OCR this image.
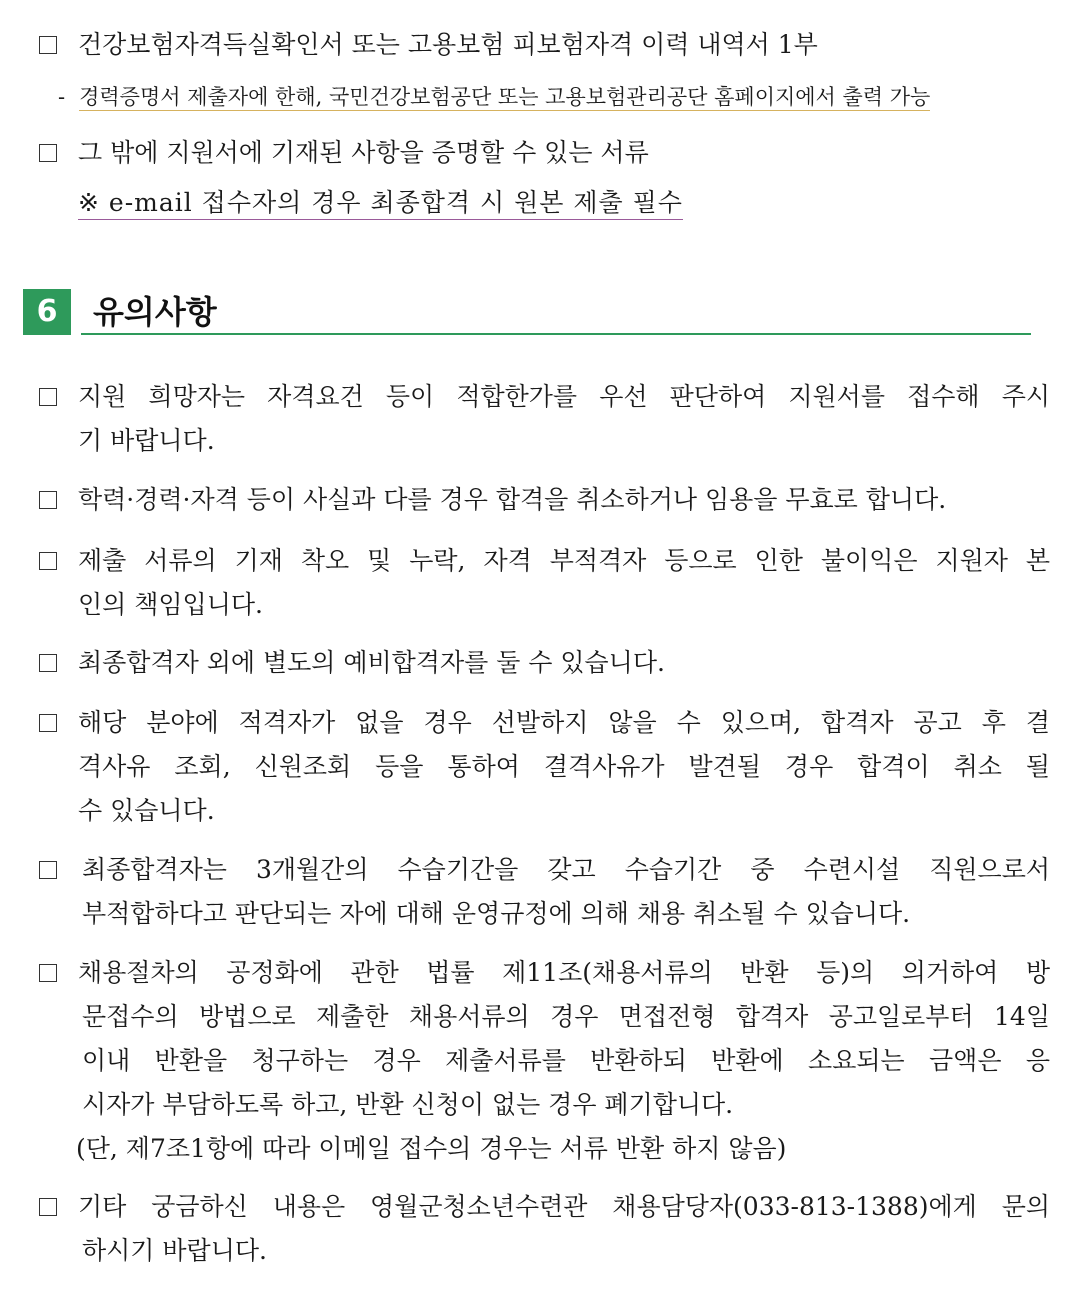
건강보험자격득실확인서 또는 고용보험 피보험자격 이력 내역서 1부
- 경력증명서 제출자에 한해, 국민건강보험공단 또는 고용보험관리공단 홈페이지에서 출력 가능
그 밖에 지원서에 기재된 사항을 증명할 수 있는 서류
※ e-mail 접수자의 경우 최종합격 시 원본 제출 필수
6	유의사항
지원 희망자는 자격요건 등이 적합한가를 우선 판단하여 지원서를 접수해 주시
기 바랍니다.
학력·경력·자격 등이 사실과 다를 경우 합격을 취소하거나 임용을 무효로 합니다.
제출 서류의 기재 착오 및 누락, 자격 부적격자 등으로 인한 불이익은 지원자 본
인의 책임입니다.
최종합격자 외에 별도의 예비합격자를 둘 수 있습니다.
해당 분야에 적격자가 없을 경우 선발하지 않을 수 있으며, 합격자 공고 후 결
격사유 조회, 신원조회 등을 통하여 결격사유가 발견될 경우 합격이 취소 될
수 있습니다.
최종합격자는 3개월간의 수습기간을 갖고 수습기간 중 수련시설 직원으로서
부적합하다고 판단되는 자에 대해 운영규정에 의해 채용 취소될 수 있습니다.
채용절차의 공정화에 관한 법률 제11조(채용서류의 반환 등)의 의거하여 방
문접수의 방법으로 제출한 채용서류의 경우 면접전형 합격자 공고일로부터 14일
이내 반환을 청구하는 경우 제출서류를 반환하되 반환에 소요되는 금액은 응
시자가 부담하도록 하고, 반환 신청이 없는 경우 폐기합니다.
(단, 제7조1항에 따라 이메일 접수의 경우는 서류 반환 하지 않음)
기타 궁금하신 내용은 영월군청소년수련관 채용담당자(033-813-1388)에게 문의
하시기 바랍니다.
